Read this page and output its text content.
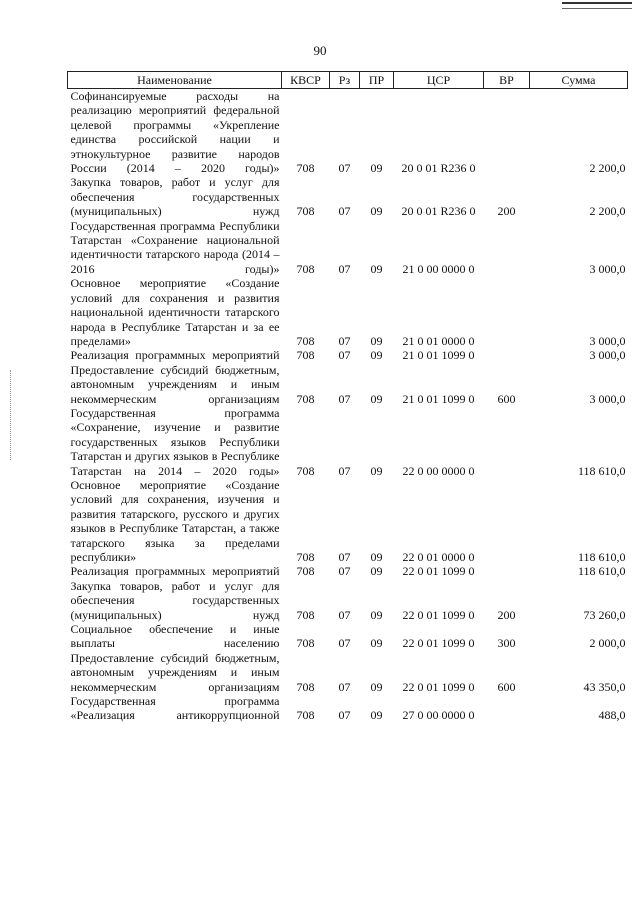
90
Наименование	КВСР	Рз	ПР	ЦСР	ВР	Сумма
Софинансируемые расходы на реализацию мероприятий федеральной целевой программы «Укрепление единства российской нации и этнокультурное развитие народов России (2014 – 2020 годы)»	708	07	09	20 0 01 R236 0		2 200,0
Закупка товаров, работ и услуг для обеспечения государственных (муниципальных) нужд	708	07	09	20 0 01 R236 0	200	2 200,0
Государственная программа Республики Татарстан «Сохранение национальной идентичности татарского народа (2014 – 2016 годы)»	708	07	09	21 0 00 0000 0		3 000,0
Основное мероприятие «Создание условий для сохранения и развития национальной идентичности татарского народа в Республике Татарстан и за ее пределами»	708	07	09	21 0 01 0000 0		3 000,0
Реализация программных мероприятий	708	07	09	21 0 01 1099 0		3 000,0
Предоставление субсидий бюджетным, автономным учреждениям и иным некоммерческим организациям	708	07	09	21 0 01 1099 0	600	3 000,0
Государственная программа «Сохранение, изучение и развитие государственных языков Республики Татарстан и других языков в Республике Татарстан на 2014 – 2020 годы»	708	07	09	22 0 00 0000 0		118 610,0
Основное мероприятие «Создание условий для сохранения, изучения и развития татарского, русского и других языков в Республике Татарстан, а также татарского языка за пределами республики»	708	07	09	22 0 01 0000 0		118 610,0
Реализация программных мероприятий	708	07	09	22 0 01 1099 0		118 610,0
Закупка товаров, работ и услуг для обеспечения государственных (муниципальных) нужд	708	07	09	22 0 01 1099 0	200	73 260,0
Социальное обеспечение и иные выплаты населению	708	07	09	22 0 01 1099 0	300	2 000,0
Предоставление субсидий бюджетным, автономным учреждениям и иным некоммерческим организациям	708	07	09	22 0 01 1099 0	600	43 350,0
Государственная программа «Реализация антикоррупционной	708	07	09	27 0 00 0000 0		488,0
